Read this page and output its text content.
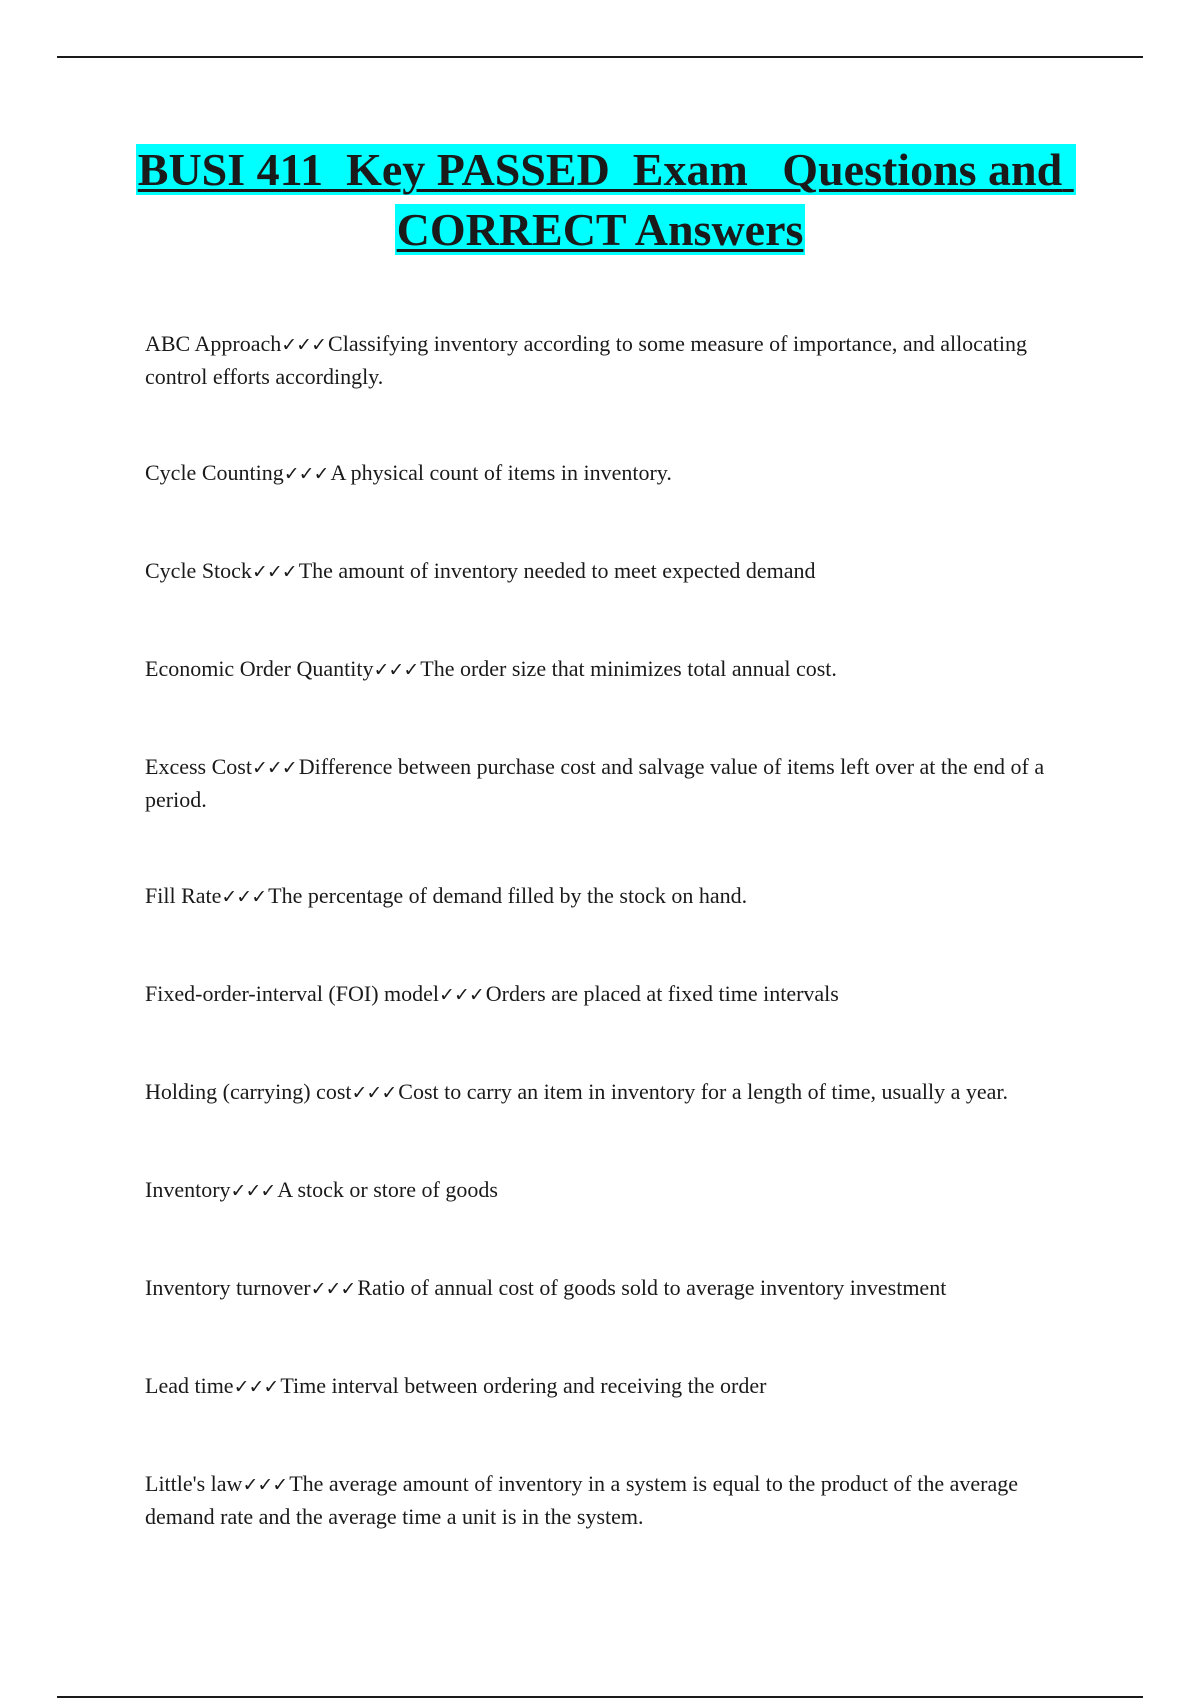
BUSI 411  Key PASSED  Exam   Questions and CORRECT Answers
ABC Approach✓✓✓Classifying inventory according to some measure of importance, and allocating control efforts accordingly.
Cycle Counting✓✓✓A physical count of items in inventory.
Cycle Stock✓✓✓The amount of inventory needed to meet expected demand
Economic Order Quantity✓✓✓The order size that minimizes total annual cost.
Excess Cost✓✓✓Difference between purchase cost and salvage value of items left over at the end of a period.
Fill Rate✓✓✓The percentage of demand filled by the stock on hand.
Fixed-order-interval (FOI) model✓✓✓Orders are placed at fixed time intervals
Holding (carrying) cost✓✓✓Cost to carry an item in inventory for a length of time, usually a year.
Inventory✓✓✓A stock or store of goods
Inventory turnover✓✓✓Ratio of annual cost of goods sold to average inventory investment
Lead time✓✓✓Time interval between ordering and receiving the order
Little's law✓✓✓The average amount of inventory in a system is equal to the product of the average demand rate and the average time a unit is in the system.
